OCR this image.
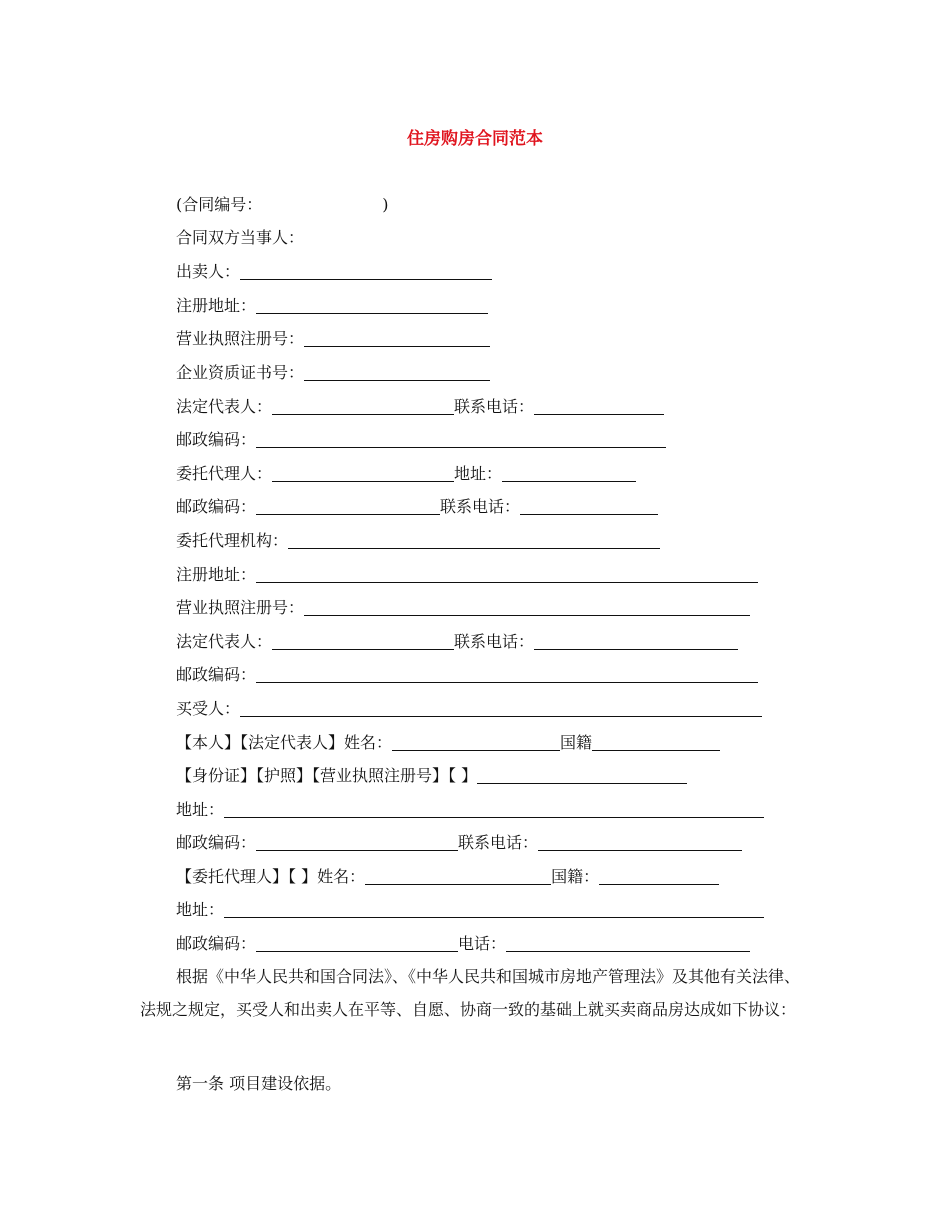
住房购房合同范本
(合同编号：	)
合同双方当事人：
出卖人：
注册地址：
营业执照注册号：
企业资质证书号：
法定代表人：	联系电话：
邮政编码：
委托代理人：	地址：
邮政编码：	联系电话：
委托代理机构：
注册地址：
营业执照注册号：
法定代表人：	联系电话：
邮政编码：
买受人：
【本人】【法定代表人】姓名：	国籍
【身份证】【护照】【营业执照注册号】【 】
地址：
邮政编码：	联系电话：
【委托代理人】【 】姓名：	国籍：
地址：
邮政编码：	电话：
根据《中华人民共和国合同法》、《中华人民共和国城市房地产管理法》及其他有关法律、法规之规定，买受人和出卖人在平等、自愿、协商一致的基础上就买卖商品房达成如下协议：
第一条 项目建设依据。
